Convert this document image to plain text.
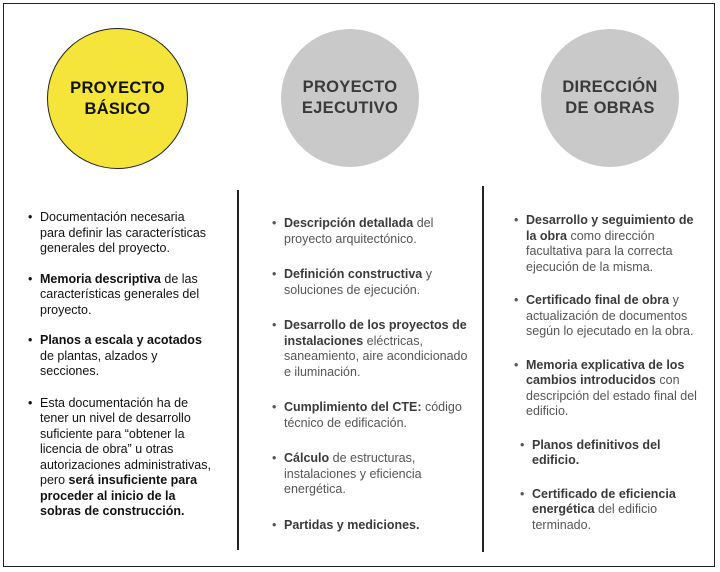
PROYECTO
BÁSICO
PROYECTO
EJECUTIVO
DIRECCIÓN
DE OBRAS
• Documentación necesaria para definir las características generales del proyecto.
• Memoria descriptiva de las características generales del proyecto.
• Planos a escala y acotados de plantas, alzados y secciones.
• Esta documentación ha de tener un nivel de desarrollo suficiente para “obtener la licencia de obra” u otras autorizaciones administrativas, pero será insuficiente para proceder al inicio de la sobras de construcción.
• Descripción detallada del proyecto arquitectónico.
• Definición constructiva y soluciones de ejecución.
• Desarrollo de los proyectos de instalaciones eléctricas, saneamiento, aire acondicionado e iluminación.
• Cumplimiento del CTE: código técnico de edificación.
• Cálculo de estructuras, instalaciones y eficiencia energética.
• Partidas y mediciones.
• Desarrollo y seguimiento de la obra como dirección facultativa para la correcta ejecución de la misma.
• Certificado final de obra y actualización de documentos según lo ejecutado en la obra.
• Memoria explicativa de los cambios introducidos con descripción del estado final del edificio.
• Planos definitivos del edificio.
• Certificado de eficiencia energética del edificio terminado.
